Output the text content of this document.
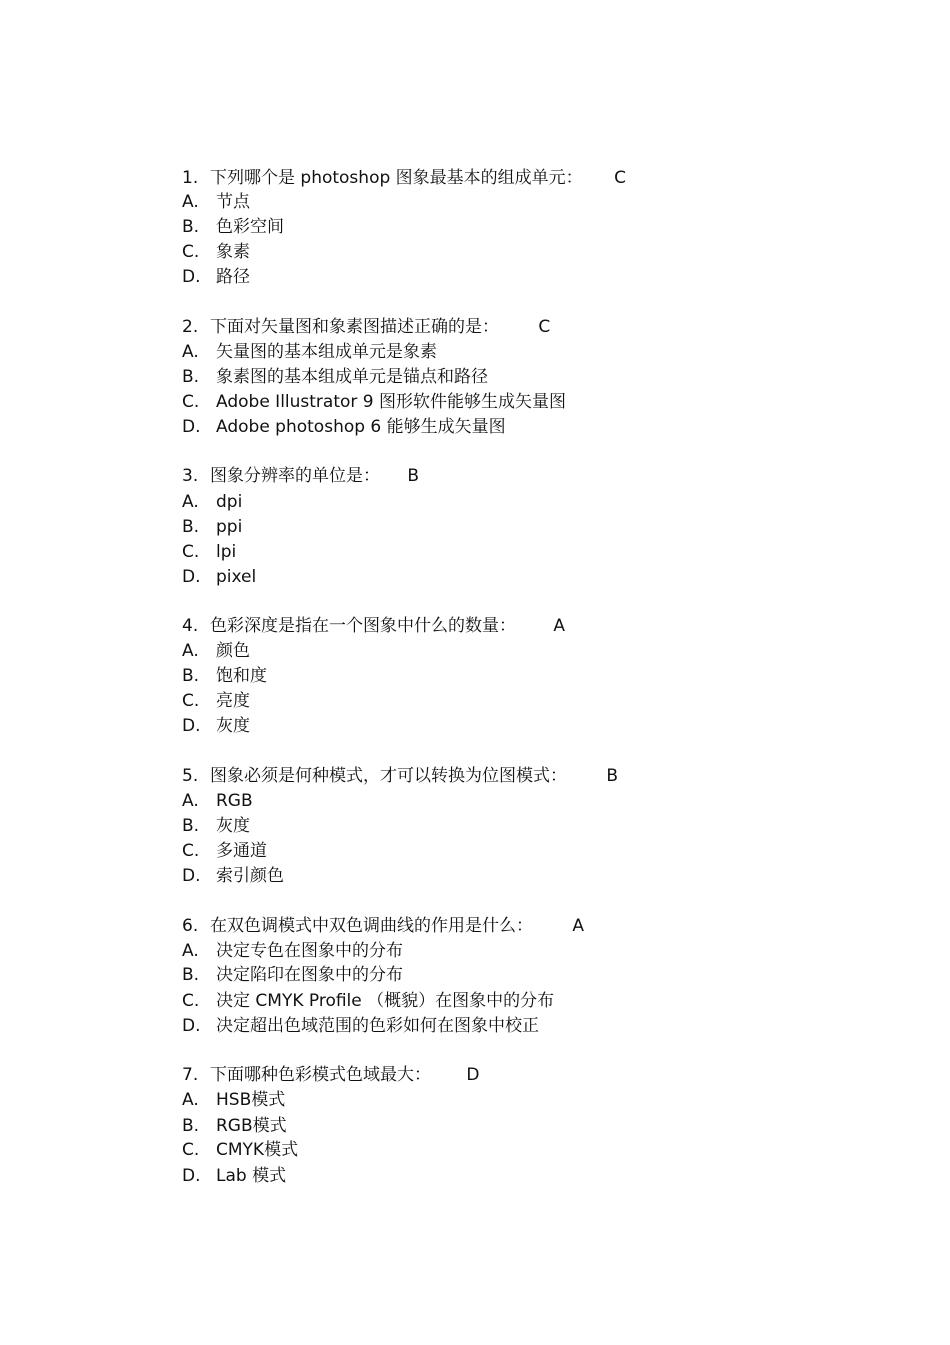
1. 下列哪个是 photoshop 图象最基本的组成单元： C
A. 节点
B. 色彩空间
C. 象素
D. 路径
2. 下面对矢量图和象素图描述正确的是： C
A. 矢量图的基本组成单元是象素
B. 象素图的基本组成单元是锚点和路径
C. Adobe Illustrator 9 图形软件能够生成矢量图
D. Adobe photoshop 6 能够生成矢量图
3. 图象分辨率的单位是： B
A. dpi
B. ppi
C. lpi
D. pixel
4. 色彩深度是指在一个图象中什么的数量： A
A. 颜色
B. 饱和度
C. 亮度
D. 灰度
5. 图象必须是何种模式，才可以转换为位图模式： B
A. RGB
B. 灰度
C. 多通道
D. 索引颜色
6. 在双色调模式中双色调曲线的作用是什么： A
A. 决定专色在图象中的分布
B. 决定陷印在图象中的分布
C. 决定 CMYK Profile （概貌）在图象中的分布
D. 决定超出色域范围的色彩如何在图象中校正
7. 下面哪种色彩模式色域最大： D
A. HSB模式
B. RGB模式
C. CMYK模式
D. Lab 模式
